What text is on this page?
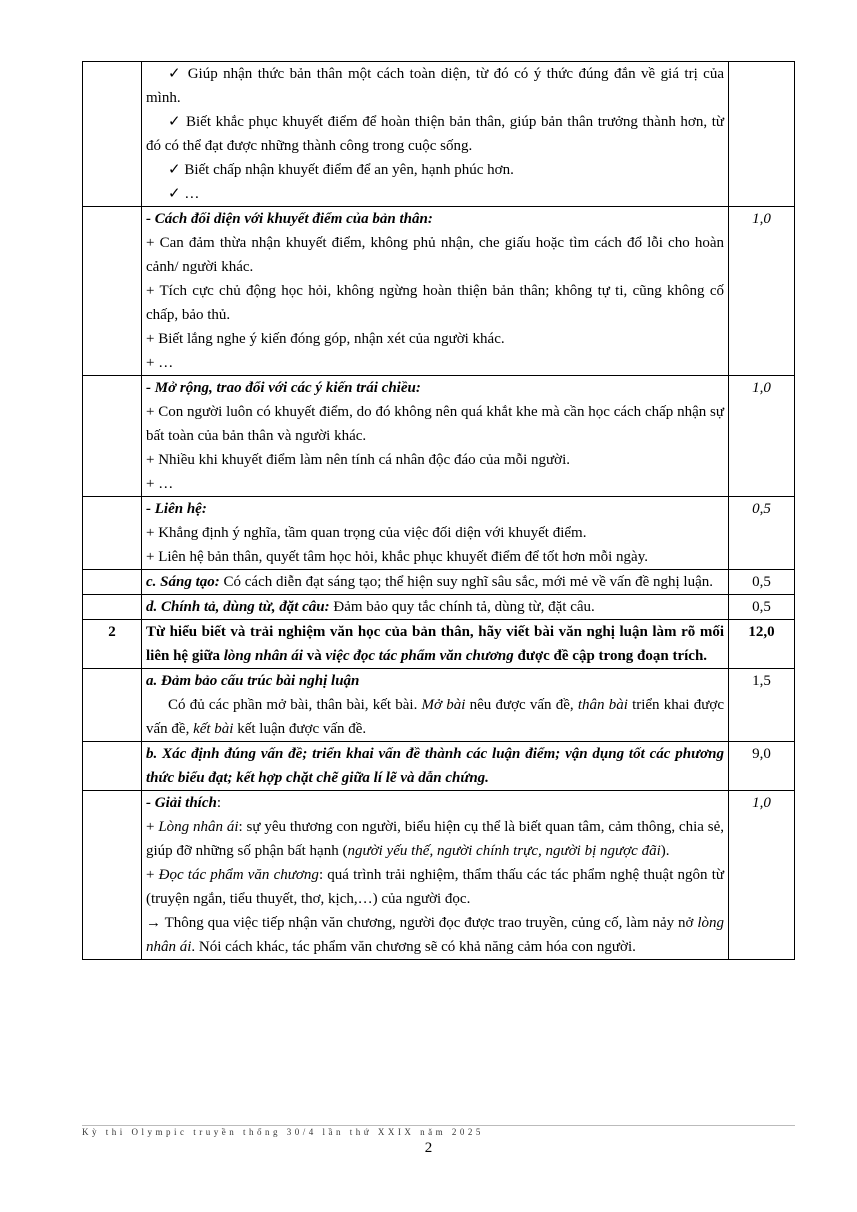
	✓ Giúp nhận thức bản thân một cách toàn diện, từ đó có ý thức đúng đắn về giá trị của mình.

✓ Biết khắc phục khuyết điểm để hoàn thiện bản thân, giúp bản thân trưởng thành hơn, từ đó có thể đạt được những thành công trong cuộc sống.

✓ Biết chấp nhận khuyết điểm để an yên, hạnh phúc hơn.

✓ …	

	- Cách đối diện với khuyết điểm của bản thân:

+ Can đảm thừa nhận khuyết điểm, không phủ nhận, che giấu hoặc tìm cách đổ lỗi cho hoàn cảnh/ người khác.

+ Tích cực chủ động học hỏi, không ngừng hoàn thiện bản thân; không tự ti, cũng không cố chấp, bảo thủ.

+ Biết lắng nghe ý kiến đóng góp, nhận xét của người khác.

+ …	1,0

	- Mở rộng, trao đổi với các ý kiến trái chiều:

+ Con người luôn có khuyết điểm, do đó không nên quá khắt khe mà cần học cách chấp nhận sự bất toàn của bản thân và người khác.

+ Nhiều khi khuyết điểm làm nên tính cá nhân độc đáo của mỗi người.

+ …	1,0

	- Liên hệ:

+ Khẳng định ý nghĩa, tầm quan trọng của việc đối diện với khuyết điểm.

+ Liên hệ bản thân, quyết tâm học hỏi, khắc phục khuyết điểm để tốt hơn mỗi ngày.	0,5

	c. Sáng tạo: Có cách diễn đạt sáng tạo; thể hiện suy nghĩ sâu sắc, mới mẻ về vấn đề nghị luận.	0,5

	d. Chính tả, dùng từ, đặt câu: Đảm bảo quy tắc chính tả, dùng từ, đặt câu.	0,5
2	Từ hiểu biết và trải nghiệm văn học của bản thân, hãy viết bài văn nghị luận làm rõ mối liên hệ giữa lòng nhân ái và việc đọc tác phẩm văn chương được đề cập trong đoạn trích.	12,0

	a. Đảm bảo cấu trúc bài nghị luận

Có đủ các phần mở bài, thân bài, kết bài. Mở bài nêu được vấn đề, thân bài triển khai được vấn đề, kết bài kết luận được vấn đề.	1,5

	b. Xác định đúng vấn đề; triển khai vấn đề thành các luận điểm; vận dụng tốt các phương thức biểu đạt; kết hợp chặt chẽ giữa lí lẽ và dẫn chứng.	9,0

	- Giải thích:

+ Lòng nhân ái: sự yêu thương con người, biểu hiện cụ thể là biết quan tâm, cảm thông, chia sẻ, giúp đỡ những số phận bất hạnh (người yếu thế, người chính trực, người bị ngược đãi).

+ Đọc tác phẩm văn chương: quá trình trải nghiệm, thẩm thấu các tác phẩm nghệ thuật ngôn từ (truyện ngắn, tiểu thuyết, thơ, kịch,…) của người đọc.

→ Thông qua việc tiếp nhận văn chương, người đọc được trao truyền, củng cố, làm nảy nở lòng nhân ái. Nói cách khác, tác phẩm văn chương sẽ có khả năng cảm hóa con người.	1,0
Kỳ thi Olympic truyền thống 30/4 lần thứ XXIX năm 2025
2
